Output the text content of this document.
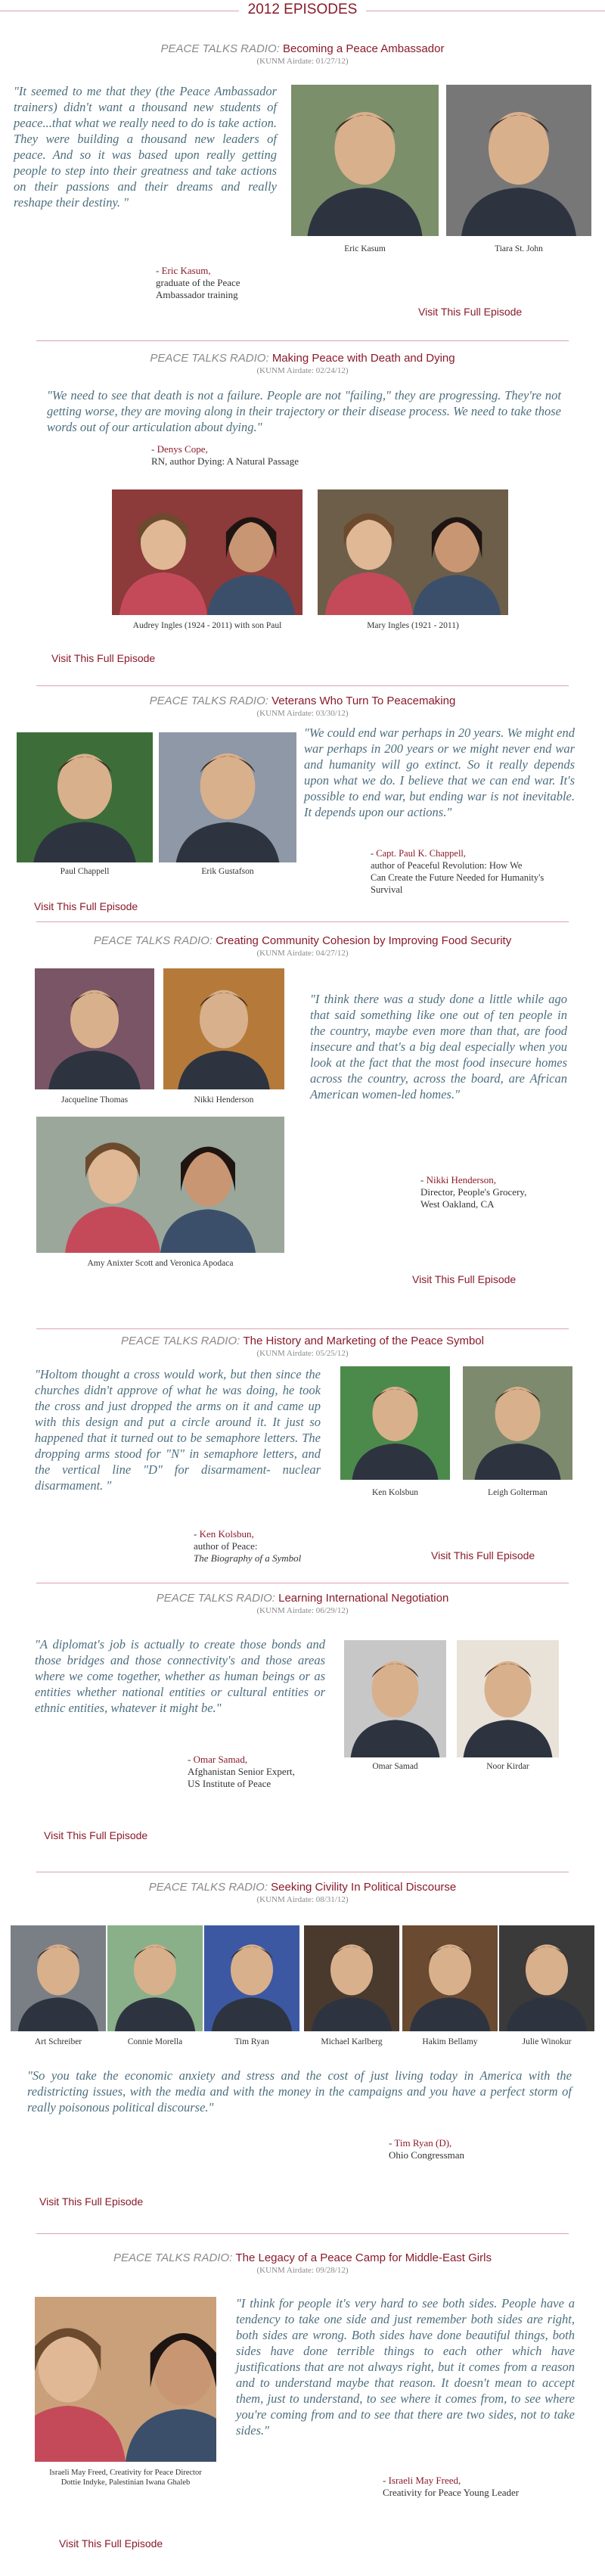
2012 EPISODES
PEACE TALKS RADIO: Becoming a Peace Ambassador
(KUNM Airdate: 01/27/12)
"It seemed to me that they (the Peace Ambassador trainers) didn't want a thousand new students of peace...that what we really need to do is take action. They were building a thousand new leaders of peace. And so it was based upon really getting people to step into their greatness and take actions on their passions and their dreams and really reshape their destiny. "
- Eric Kasum,
graduate of the Peace
Ambassador training
Eric Kasum	Tiara St. John
Visit This Full Episode
PEACE TALKS RADIO: Making Peace with Death and Dying
(KUNM Airdate: 02/24/12)
"We need to see that death is not a failure. People are not "failing," they are progressing. They're not getting worse, they are moving along in their trajectory or their disease process. We need to take those words out of our articulation about dying."
- Denys Cope,
RN, author Dying: A Natural Passage
Audrey Ingles (1924 - 2011) with son Paul	Mary Ingles (1921 - 2011)
Visit This Full Episode
PEACE TALKS RADIO: Veterans Who Turn To Peacemaking
(KUNM Airdate: 03/30/12)
Paul Chappell	Erik Gustafson
"We could end war perhaps in 20 years. We might end war perhaps in 200 years or we might never end war and humanity will go extinct. So it really depends upon what we do. I believe that we can end war. It's possible to end war, but ending war is not inevitable. It depends upon our actions."
- Capt. Paul K. Chappell,
author of Peaceful Revolution: How We
Can Create the Future Needed for Humanity's
Survival
Visit This Full Episode
PEACE TALKS RADIO: Creating Community Cohesion by Improving Food Security
(KUNM Airdate: 04/27/12)
Jacqueline Thomas	Nikki Henderson
Amy Anixter Scott and Veronica Apodaca
"I think there was a study done a little while ago that said something like one out of ten people in the country, maybe even more than that, are food insecure and that's a big deal especially when you look at the fact that the most food insecure homes across the country, across the board, are African American women-led homes."
- Nikki Henderson,
Director, People's Grocery,
West Oakland, CA
Visit This Full Episode
PEACE TALKS RADIO: The History and Marketing of the Peace Symbol
(KUNM Airdate: 05/25/12)
"Holtom thought a cross would work, but then since the churches didn't approve of what he was doing, he took the cross and just dropped the arms on it and came up with this design and put a circle around it. It just so happened that it turned out to be semaphore letters. The dropping arms stood for "N" in semaphore letters, and the vertical line "D" for disarmament- nuclear disarmament. "
- Ken Kolsbun,
author of Peace:
The Biography of a Symbol
Ken Kolsbun	Leigh Golterman
Visit This Full Episode
PEACE TALKS RADIO: Learning International Negotiation
(KUNM Airdate: 06/29/12)
"A diplomat's job is actually to create those bonds and those bridges and those connectivity's and those areas where we come together, whether as human beings or as entities whether national entities or cultural entities or ethnic entities, whatever it might be."
- Omar Samad,
Afghanistan Senior Expert,
US Institute of Peace
Omar Samad	Noor Kirdar
Visit This Full Episode
PEACE TALKS RADIO: Seeking Civility In Political Discourse
(KUNM Airdate: 08/31/12)
Art Schreiber	Connie Morella	Tim Ryan	Michael Karlberg	Hakim Bellamy	Julie Winokur
"So you take the economic anxiety and stress and the cost of just living today in America with the redistricting issues, with the media and with the money in the campaigns and you have a perfect storm of really poisonous political discourse."
- Tim Ryan (D),
Ohio Congressman
Visit This Full Episode
PEACE TALKS RADIO: The Legacy of a Peace Camp for Middle-East Girls
(KUNM Airdate: 09/28/12)
Israeli May Freed, Creativity for Peace Director
Dottie Indyke, Palestinian Iwana Ghaleb
"I think for people it's very hard to see both sides. People have a tendency to take one side and just remember both sides are right, both sides are wrong. Both sides have done beautiful things, both sides have done terrible things to each other which have justifications that are not always right, but it comes from a reason and to understand maybe that reason. It doesn't mean to accept them, just to understand, to see where it comes from, to see where you're coming from and to see that there are two sides, not to take sides."
- Israeli May Freed,
Creativity for Peace Young Leader
Visit This Full Episode
